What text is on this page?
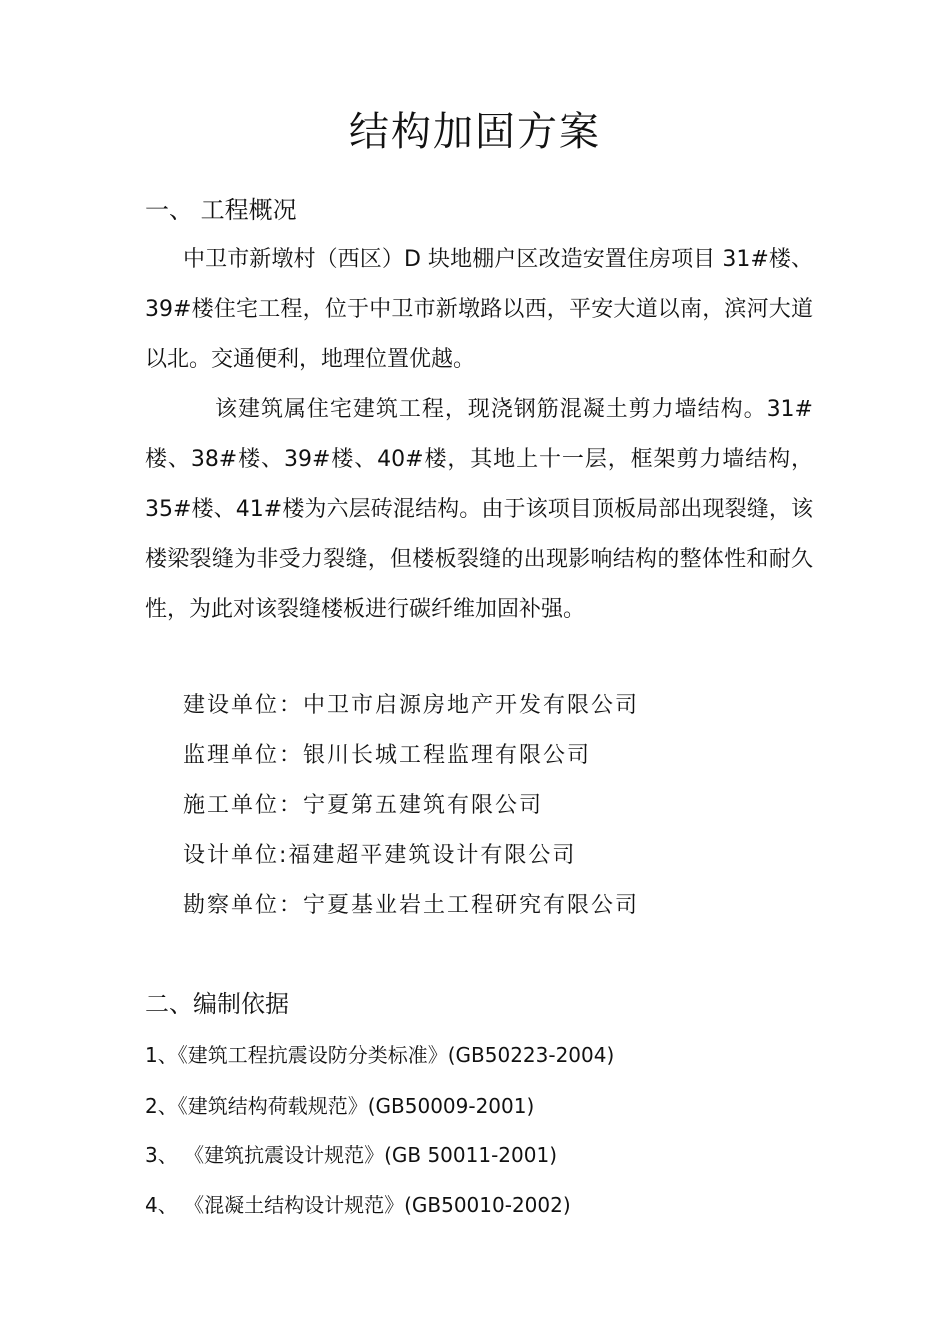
结构加固方案
一、 工程概况

中卫市新墩村（西区）D 块地棚户区改造安置住房项目 31#楼、39#楼住宅工程，位于中卫市新墩路以西，平安大道以南，滨河大道以北。交通便利，地理位置优越。

该建筑属住宅建筑工程，现浇钢筋混凝土剪力墙结构。31#楼、38#楼、39#楼、40#楼，其地上十一层，框架剪力墙结构，35#楼、41#楼为六层砖混结构。由于该项目顶板局部出现裂缝，该楼梁裂缝为非受力裂缝，但楼板裂缝的出现影响结构的整体性和耐久性，为此对该裂缝楼板进行碳纤维加固补强。

建设单位：中卫市启源房地产开发有限公司
监理单位：银川长城工程监理有限公司
施工单位：宁夏第五建筑有限公司
设计单位:福建超平建筑设计有限公司
勘察单位：宁夏基业岩土工程研究有限公司
二、编制依据
1、《建筑工程抗震设防分类标准》(GB50223-2004)
2、《建筑结构荷载规范》(GB50009-2001)
3、 《建筑抗震设计规范》(GB 50011-2001)
4、 《混凝土结构设计规范》(GB50010-2002)
